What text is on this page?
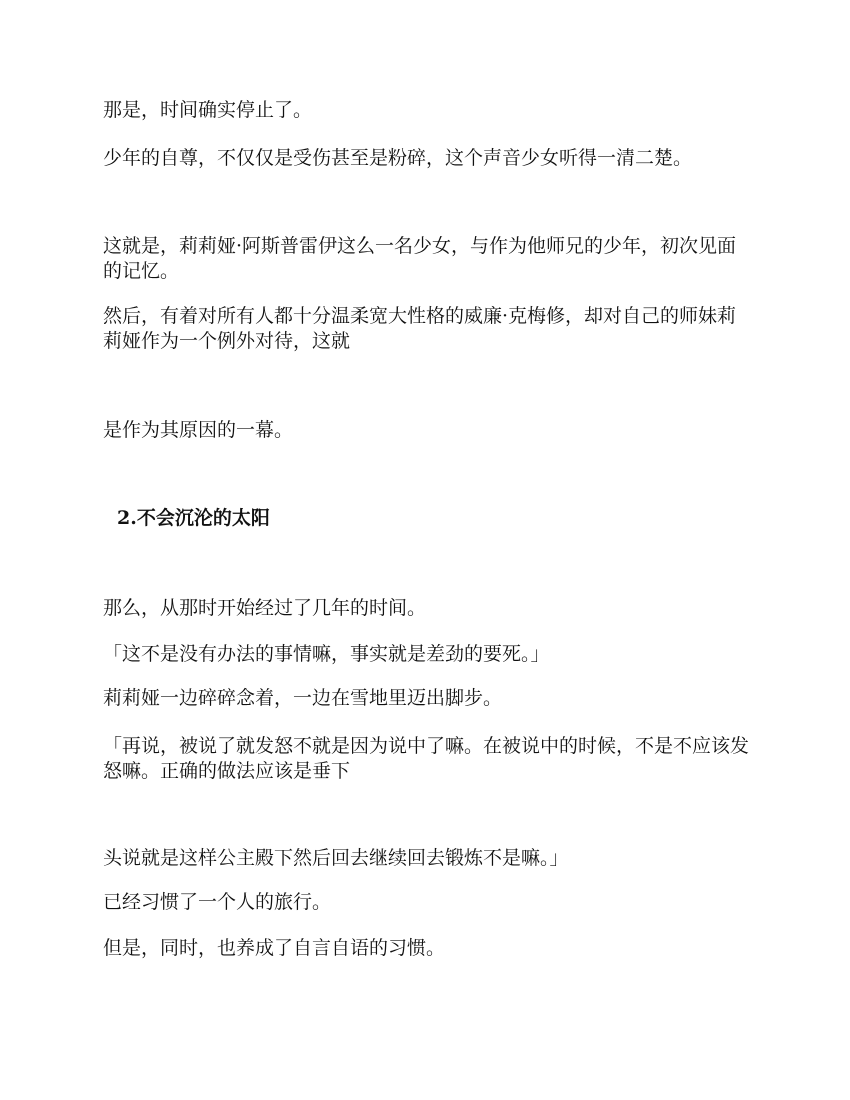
那是，时间确实停止了。

少年的自尊，不仅仅是受伤甚至是粉碎，这个声音少女听得一清二楚。

这就是，莉莉娅·阿斯普雷伊这么一名少女，与作为他师兄的少年，初次见面的记忆。

然后，有着对所有人都十分温柔宽大性格的威廉·克梅修，却对自己的师妹莉莉娅作为一个例外对待，这就

是作为其原因的一幕。

2.不会沉沦的太阳

那么，从那时开始经过了几年的时间。

「这不是没有办法的事情嘛，事实就是差劲的要死。」

莉莉娅一边碎碎念着，一边在雪地里迈出脚步。

「再说，被说了就发怒不就是因为说中了嘛。在被说中的时候，不是不应该发怒嘛。正确的做法应该是垂下

头说就是这样公主殿下然后回去继续回去锻炼不是嘛。」

已经习惯了一个人的旅行。

但是，同时，也养成了自言自语的习惯。
